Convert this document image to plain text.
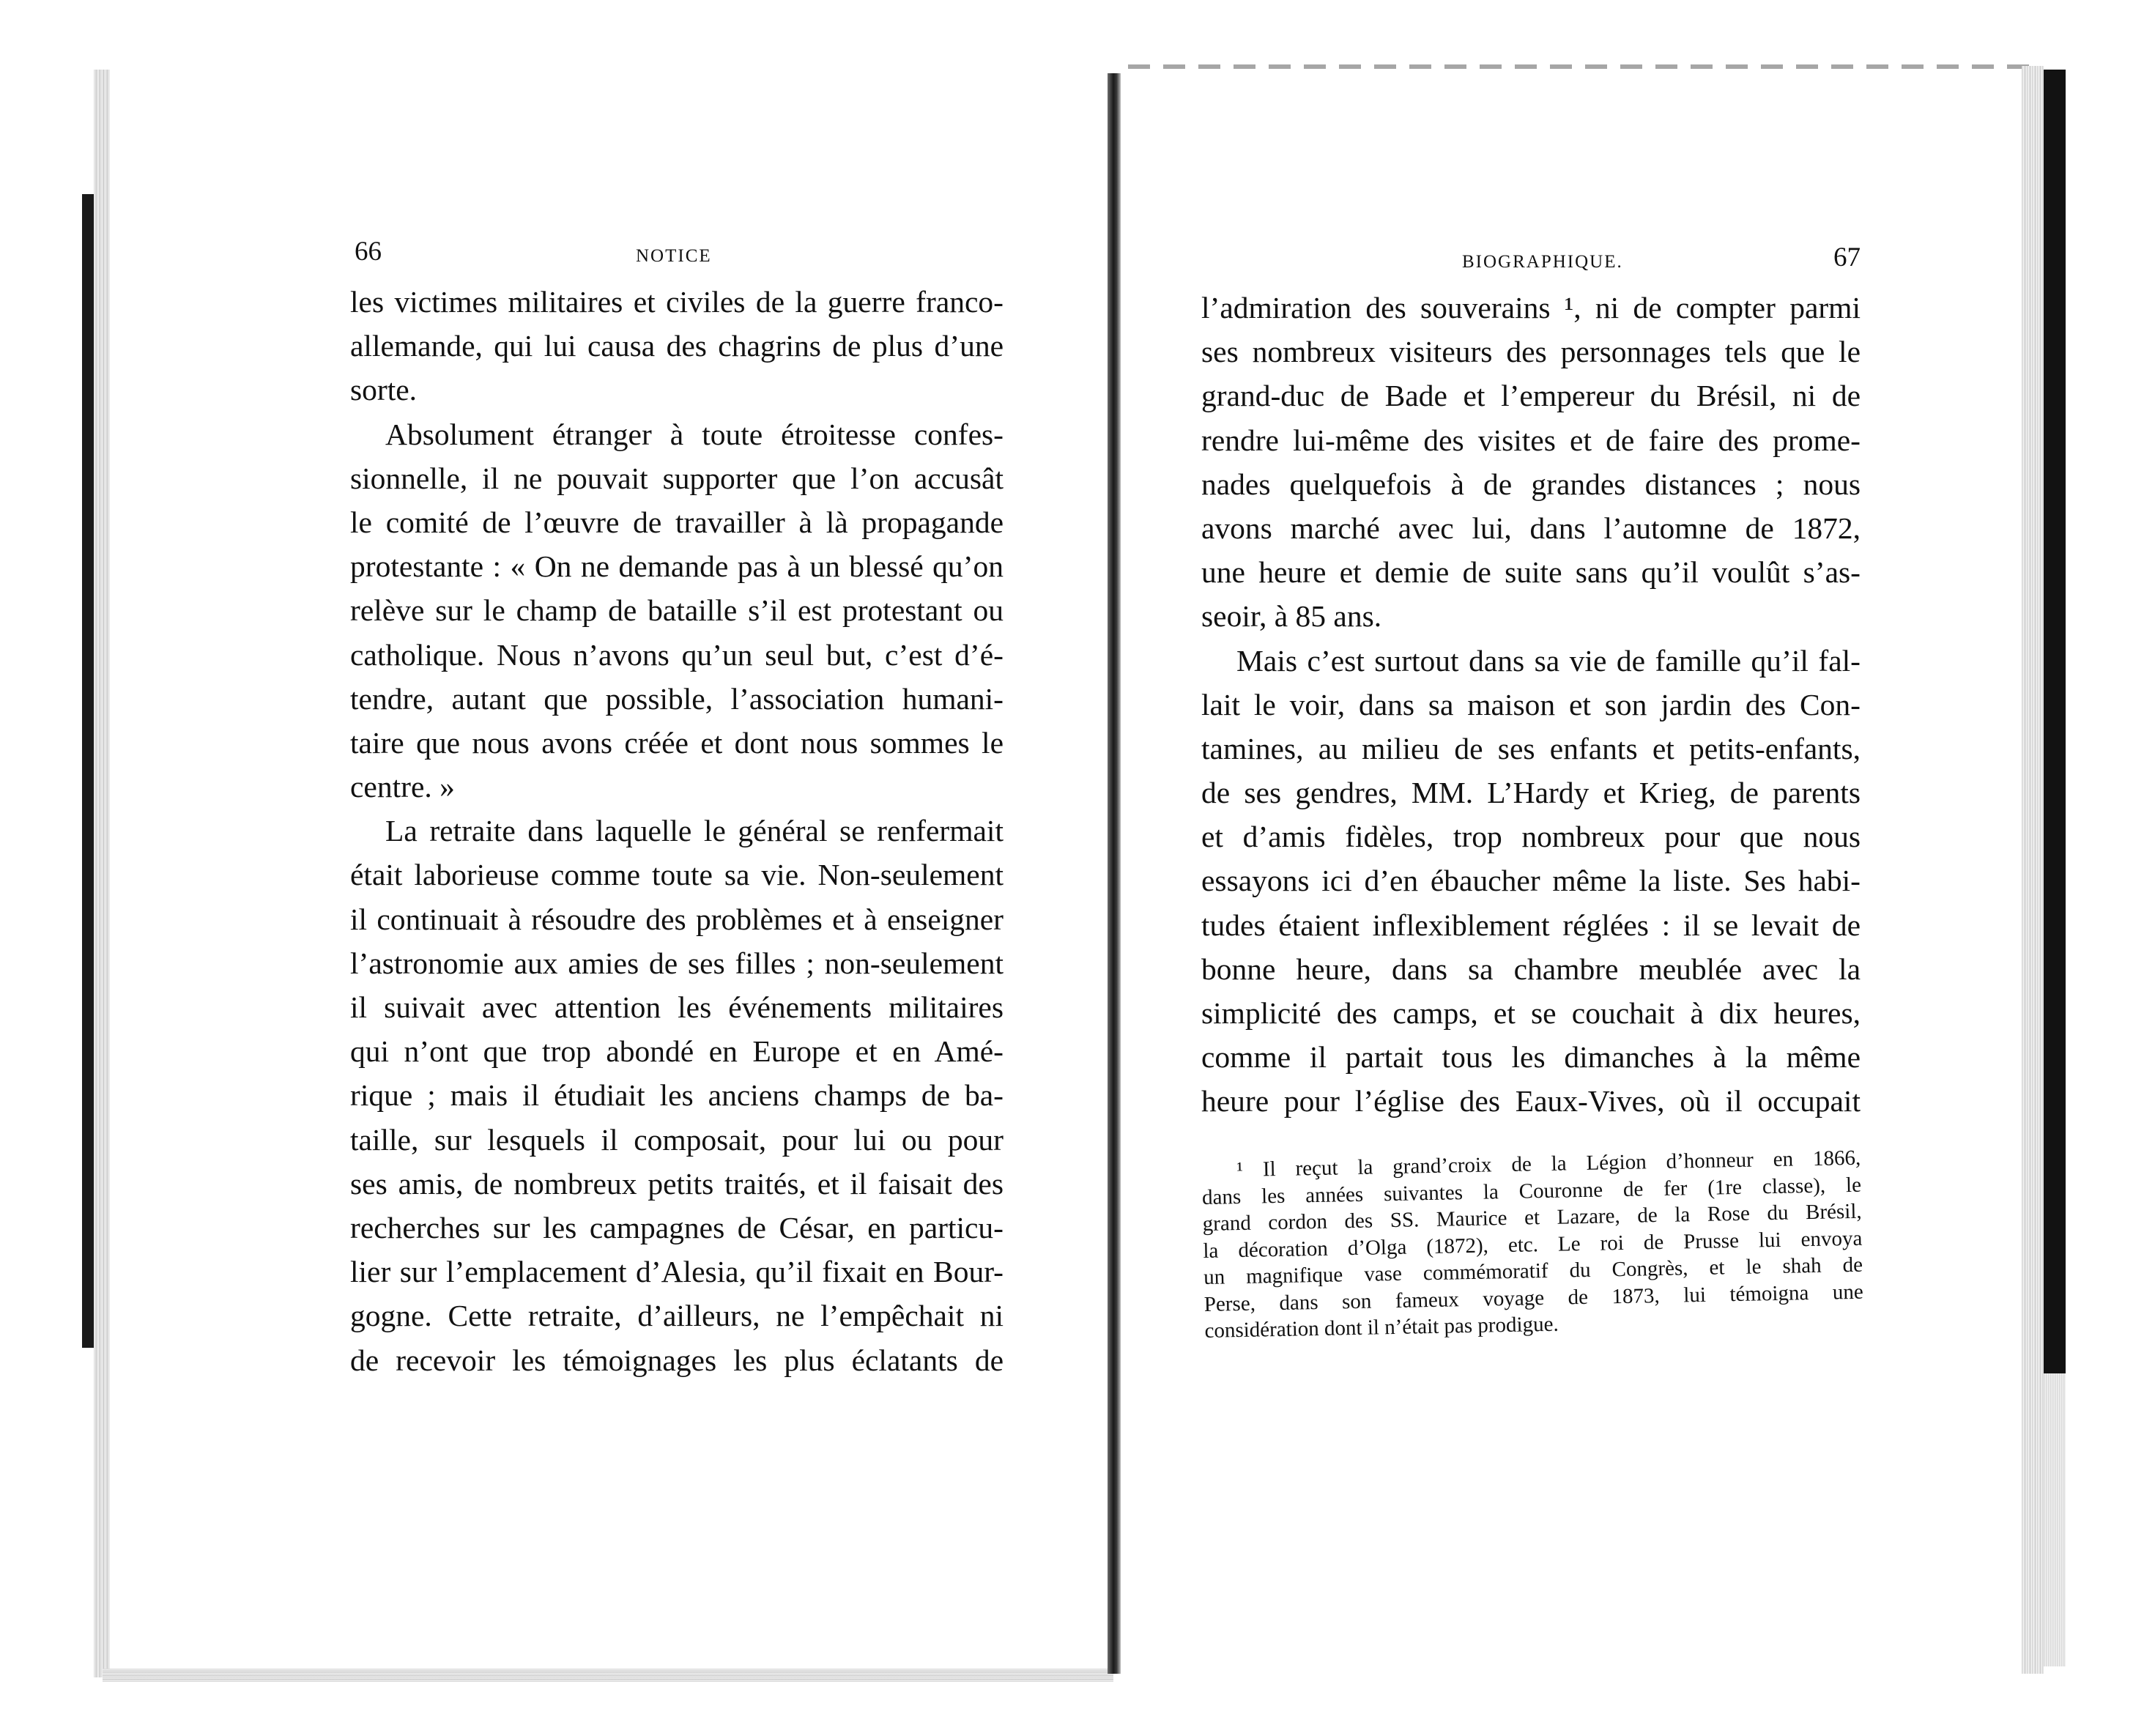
66	NOTICE
les victimes militaires et civiles de la guerre franco-
allemande, qui lui causa des chagrins de plus d’une
sorte.
Absolument étranger à toute étroitesse confes-
sionnelle, il ne pouvait supporter que l’on accusât
le comité de l’œuvre de travailler à là propagande
protestante : « On ne demande pas à un blessé qu’on
relève sur le champ de bataille s’il est protestant ou
catholique. Nous n’avons qu’un seul but, c’est d’é-
tendre, autant que possible, l’association humani-
taire que nous avons créée et dont nous sommes le
centre. »
La retraite dans laquelle le général se renfermait
était laborieuse comme toute sa vie. Non-seulement
il continuait à résoudre des problèmes et à enseigner
l’astronomie aux amies de ses filles ; non-seulement
il suivait avec attention les événements militaires
qui n’ont que trop abondé en Europe et en Amé-
rique ; mais il étudiait les anciens champs de ba-
taille, sur lesquels il composait, pour lui ou pour
ses amis, de nombreux petits traités, et il faisait des
recherches sur les campagnes de César, en particu-
lier sur l’emplacement d’Alesia, qu’il fixait en Bour-
gogne. Cette retraite, d’ailleurs, ne l’empêchait ni
de recevoir les témoignages les plus éclatants de
BIOGRAPHIQUE.	67
l’admiration des souverains ¹, ni de compter parmi
ses nombreux visiteurs des personnages tels que le
grand-duc de Bade et l’empereur du Brésil, ni de
rendre lui-même des visites et de faire des prome-
nades quelquefois à de grandes distances ; nous
avons marché avec lui, dans l’automne de 1872,
une heure et demie de suite sans qu’il voulût s’as-
seoir, à 85 ans.
Mais c’est surtout dans sa vie de famille qu’il fal-
lait le voir, dans sa maison et son jardin des Con-
tamines, au milieu de ses enfants et petits-enfants,
de ses gendres, MM. L’Hardy et Krieg, de parents
et d’amis fidèles, trop nombreux pour que nous
essayons ici d’en ébaucher même la liste. Ses habi-
tudes étaient inflexiblement réglées : il se levait de
bonne heure, dans sa chambre meublée avec la
simplicité des camps, et se couchait à dix heures,
comme il partait tous les dimanches à la même
heure pour l’église des Eaux-Vives, où il occupait
¹ Il reçut la grand’croix de la Légion d’honneur en 1866,
dans les années suivantes la Couronne de fer (1re classe), le
grand cordon des SS. Maurice et Lazare, de la Rose du Brésil,
la décoration d’Olga (1872), etc. Le roi de Prusse lui envoya
un magnifique vase commémoratif du Congrès, et le shah de
Perse, dans son fameux voyage de 1873, lui témoigna une
considération dont il n’était pas prodigue.
